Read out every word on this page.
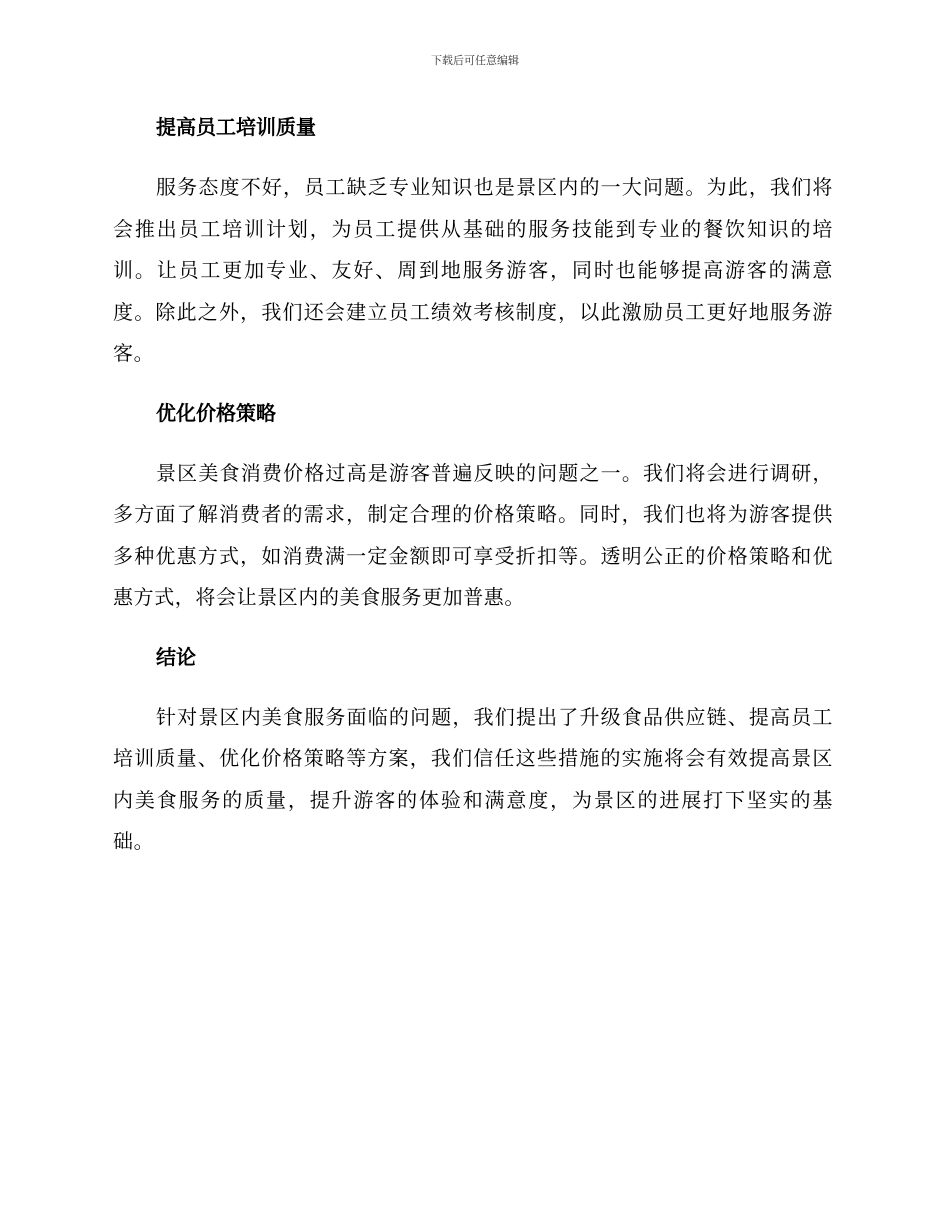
下载后可任意编辑
提高员工培训质量

服务态度不好，员工缺乏专业知识也是景区内的一大问题。为此，我们将会推出员工培训计划，为员工提供从基础的服务技能到专业的餐饮知识的培训。让员工更加专业、友好、周到地服务游客，同时也能够提高游客的满意度。除此之外，我们还会建立员工绩效考核制度，以此激励员工更好地服务游客。

优化价格策略

景区美食消费价格过高是游客普遍反映的问题之一。我们将会进行调研，多方面了解消费者的需求，制定合理的价格策略。同时，我们也将为游客提供多种优惠方式，如消费满一定金额即可享受折扣等。透明公正的价格策略和优惠方式，将会让景区内的美食服务更加普惠。

结论

针对景区内美食服务面临的问题，我们提出了升级食品供应链、提高员工培训质量、优化价格策略等方案，我们信任这些措施的实施将会有效提高景区内美食服务的质量，提升游客的体验和满意度，为景区的进展打下坚实的基础。
